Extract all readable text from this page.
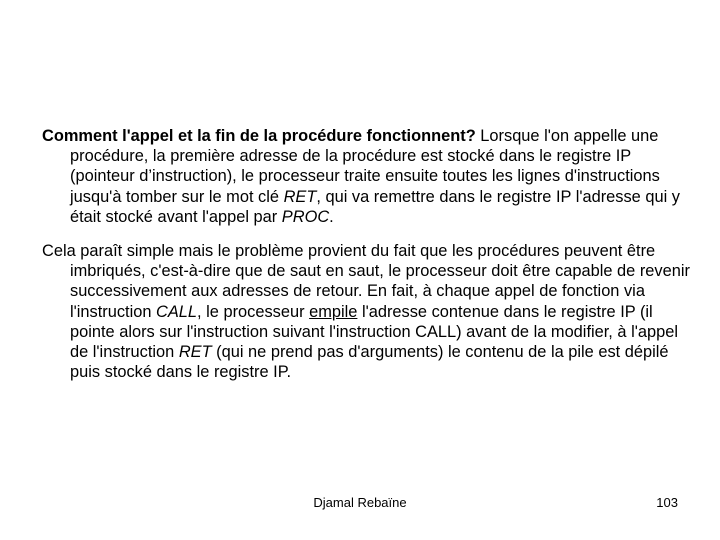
Comment l'appel et la fin de la procédure fonctionnent? Lorsque l'on appelle une procédure, la première adresse de la procédure est stocké dans le registre IP (pointeur d’instruction), le processeur traite ensuite toutes les lignes d'instructions jusqu'à tomber sur le mot clé RET, qui va remettre dans le registre IP l'adresse qui y était stocké avant l'appel par PROC.

Cela paraît simple mais le problème provient du fait que les procédures peuvent être imbriqués, c'est-à-dire que de saut en saut, le processeur doit être capable de revenir successivement aux adresses de retour. En fait, à chaque appel de fonction via l'instruction CALL, le processeur empile l'adresse contenue dans le registre IP (il pointe alors sur l'instruction suivant l'instruction CALL) avant de la modifier, à l'appel de l'instruction RET (qui ne prend pas d'arguments) le contenu de la pile est dépilé puis stocké dans le registre IP.

Djamal Rebaïne	103
